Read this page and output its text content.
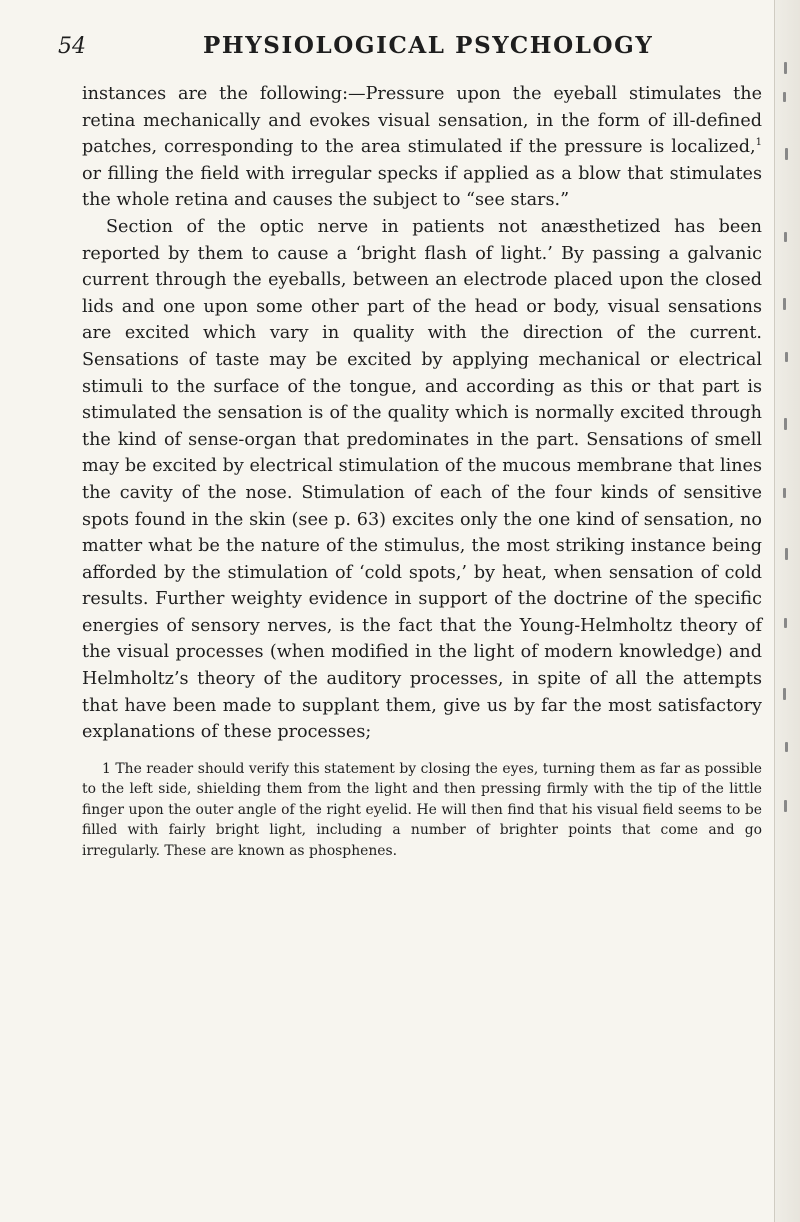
54	PHYSIOLOGICAL PSYCHOLOGY

instances are the following:—Pressure upon the eyeball stimulates the retina mechanically and evokes visual sensation, in the form of ill-defined patches, corresponding to the area stimulated if the pressure is localized,$^1$ or filling the field with irregular specks if applied as a blow that stimulates the whole retina and causes the subject to “see stars.”

Section of the optic nerve in patients not anæsthetized has been reported by them to cause a ‘bright flash of light.’ By passing a galvanic current through the eyeballs, between an electrode placed upon the closed lids and one upon some other part of the head or body, visual sensations are excited which vary in quality with the direction of the current. Sensations of taste may be excited by applying mechanical or electrical stimuli to the surface of the tongue, and according as this or that part is stimulated the sensation is of the quality which is normally excited through the kind of sense-organ that predominates in the part. Sensations of smell may be excited by electrical stimulation of the mucous membrane that lines the cavity of the nose. Stimulation of each of the four kinds of sensitive spots found in the skin (see p. 63) excites only the one kind of sensation, no matter what be the nature of the stimulus, the most striking instance being afforded by the stimulation of ‘cold spots,’ by heat, when sensation of cold results. Further weighty evidence in support of the doctrine of the specific energies of sensory nerves, is the fact that the Young-Helmholtz theory of the visual processes (when modified in the light of modern knowledge) and Helmholtz’s theory of the auditory processes, in spite of all the attempts that have been made to supplant them, give us by far the most satisfactory explanations of these processes;

1 The reader should verify this statement by closing the eyes, turning them as far as possible to the left side, shielding them from the light and then pressing firmly with the tip of the little finger upon the outer angle of the right eyelid. He will then find that his visual field seems to be filled with fairly bright light, including a number of brighter points that come and go irregularly. These are known as phosphenes.
